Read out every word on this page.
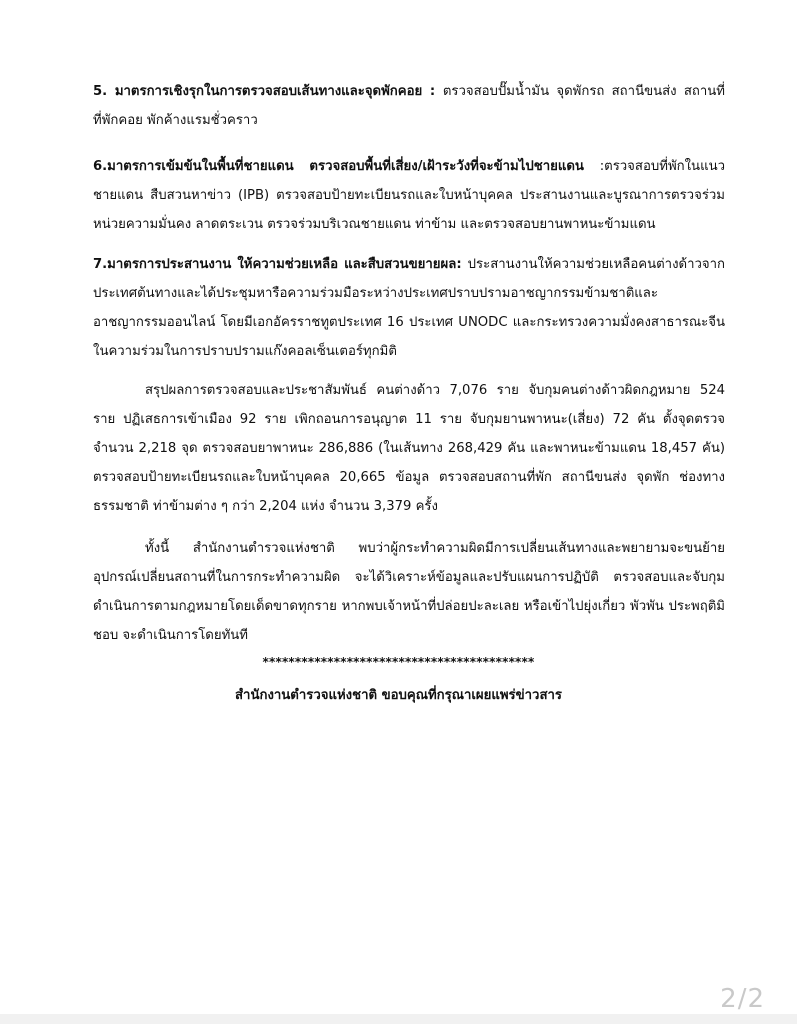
5. มาตรการเชิงรุกในการตรวจสอบเส้นทางและจุดพักคอย : ตรวจสอบปั๊มน้ำมัน จุดพักรถ สถานีขนส่ง สถานที่ที่พักคอย พักค้างแรมชั่วคราว

6.มาตรการเข้มข้นในพื้นที่ชายแดน ตรวจสอบพื้นที่เสี่ยง/เฝ้าระวังที่จะข้ามไปชายแดน :ตรวจสอบที่พักในแนวชายแดน สืบสวนหาข่าว (IPB) ตรวจสอบป้ายทะเบียนรถและใบหน้าบุคคล ประสานงานและบูรณาการตรวจร่วมหน่วยความมั่นคง ลาดตระเวน ตรวจร่วมบริเวณชายแดน ท่าข้าม และตรวจสอบยานพาหนะข้ามแดน

7.มาตรการประสานงาน ให้ความช่วยเหลือ และสืบสวนขยายผล: ประสานงานให้ความช่วยเหลือคนต่างด้าวจากประเทศต้นทางและได้ประชุมหารือความร่วมมือระหว่างประเทศปราบปรามอาชญากรรมข้ามชาติและอาชญากรรมออนไลน์ โดยมีเอกอัครราชทูตประเทศ 16 ประเทศ UNODC และกระทรวงความมั่งคงสาธารณะจีน ในความร่วมในการปราบปรามแก๊งคอลเซ็นเตอร์ทุกมิติ

สรุปผลการตรวจสอบและประชาสัมพันธ์ คนต่างด้าว 7,076 ราย จับกุมคนต่างด้าวผิดกฎหมาย 524 ราย ปฏิเสธการเข้าเมือง 92 ราย เพิกถอนการอนุญาต 11 ราย จับกุมยานพาหนะ(เสี่ยง) 72 คัน ตั้งจุดตรวจจำนวน 2,218 จุด ตรวจสอบยาพาหนะ 286,886 (ในเส้นทาง 268,429 คัน และพาหนะข้ามแดน 18,457 คัน) ตรวจสอบป้ายทะเบียนรถและใบหน้าบุคคล 20,665 ข้อมูล ตรวจสอบสถานที่พัก สถานีขนส่ง จุดพัก ช่องทางธรรมชาติ ท่าข้ามต่าง ๆ กว่า 2,204 แห่ง จำนวน 3,379 ครั้ง

ทั้งนี้ สำนักงานตำรวจแห่งชาติ พบว่าผู้กระทำความผิดมีการเปลี่ยนเส้นทางและพยายามจะขนย้ายอุปกรณ์เปลี่ยนสถานที่ในการกระทำความผิด จะได้วิเคราะห์ข้อมูลและปรับแผนการปฏิบัติ ตรวจสอบและจับกุมดำเนินการตามกฎหมายโดยเด็ดขาดทุกราย หากพบเจ้าหน้าที่ปล่อยปะละเลย หรือเข้าไปยุ่งเกี่ยว พัวพัน ประพฤติมิชอบ จะดำเนินการโดยทันที

******************************************
สำนักงานตำรวจแห่งชาติ ขอบคุณที่กรุณาเผยแพร่ข่าวสาร
2/2
